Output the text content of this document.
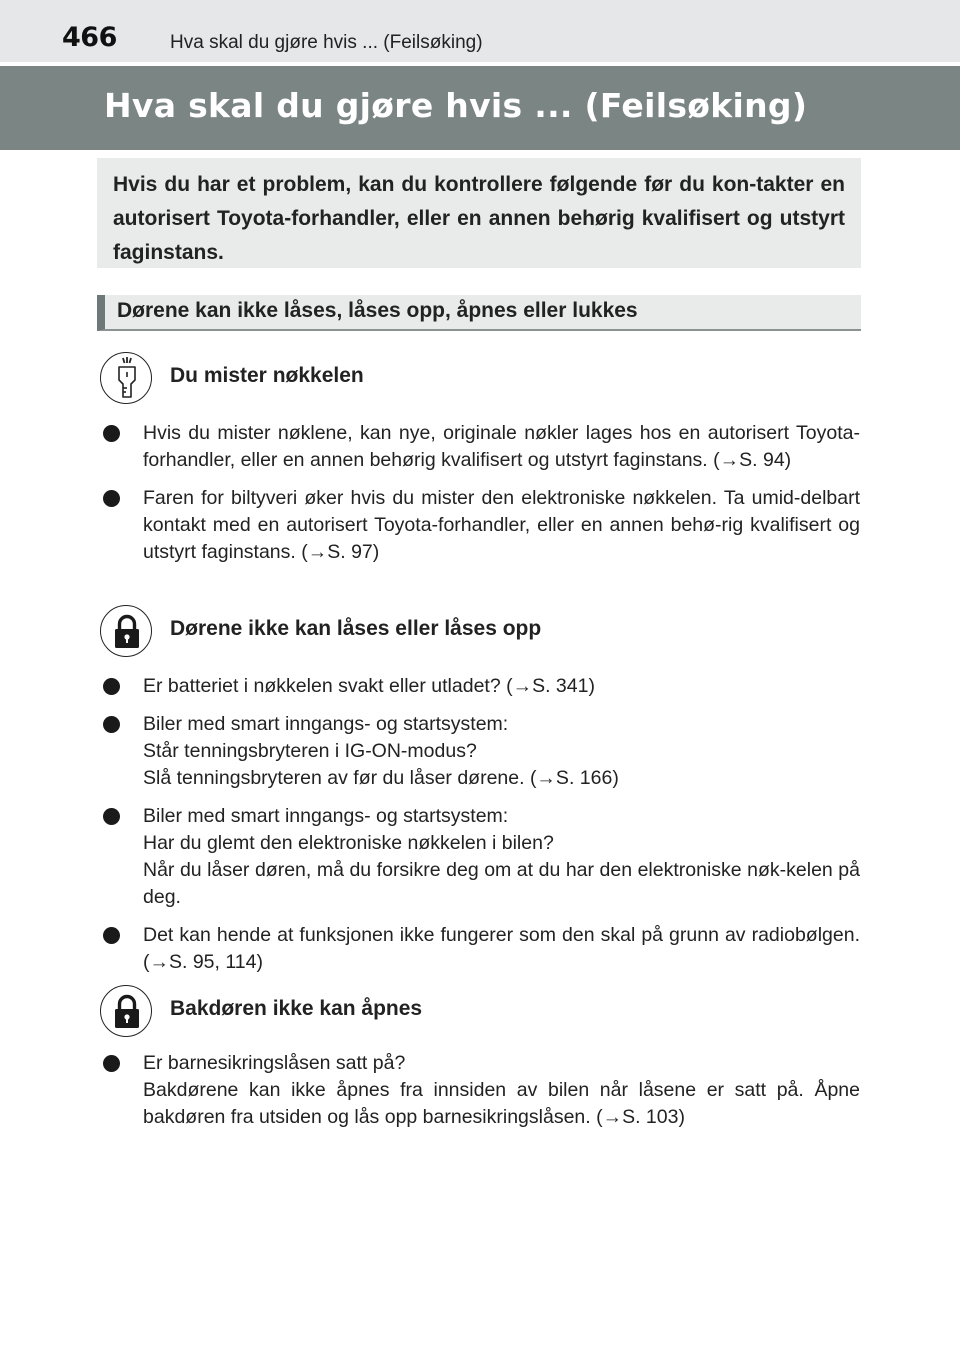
466	Hva skal du gjøre hvis ... (Feilsøking)
Hva skal du gjøre hvis ... (Feilsøking)

Hvis du har et problem, kan du kontrollere følgende før du kon-takter en autorisert Toyota-forhandler, eller en annen behørig kvalifisert og utstyrt faginstans.

Dørene kan ikke låses, låses opp, åpnes eller lukkes
Du mister nøkkelen
Hvis du mister nøklene, kan nye, originale nøkler lages hos en autorisert Toyota-forhandler, eller en annen behørig kvalifisert og utstyrt faginstans. (→S. 94)
Faren for biltyveri øker hvis du mister den elektroniske nøkkelen. Ta umid-delbart kontakt med en autorisert Toyota-forhandler, eller en annen behø-rig kvalifisert og utstyrt faginstans. (→S. 97)
Dørene ikke kan låses eller låses opp
Er batteriet i nøkkelen svakt eller utladet? (→S. 341)
Biler med smart inngangs- og startsystem:
Står tenningsbryteren i IG-ON-modus?
Slå tenningsbryteren av før du låser dørene. (→S. 166)
Biler med smart inngangs- og startsystem:
Har du glemt den elektroniske nøkkelen i bilen?
Når du låser døren, må du forsikre deg om at du har den elektroniske nøk-kelen på deg.
Det kan hende at funksjonen ikke fungerer som den skal på grunn av radiobølgen. (→S. 95, 114)
Bakdøren ikke kan åpnes
Er barnesikringslåsen satt på?
Bakdørene kan ikke åpnes fra innsiden av bilen når låsene er satt på. Åpne bakdøren fra utsiden og lås opp barnesikringslåsen. (→S. 103)
